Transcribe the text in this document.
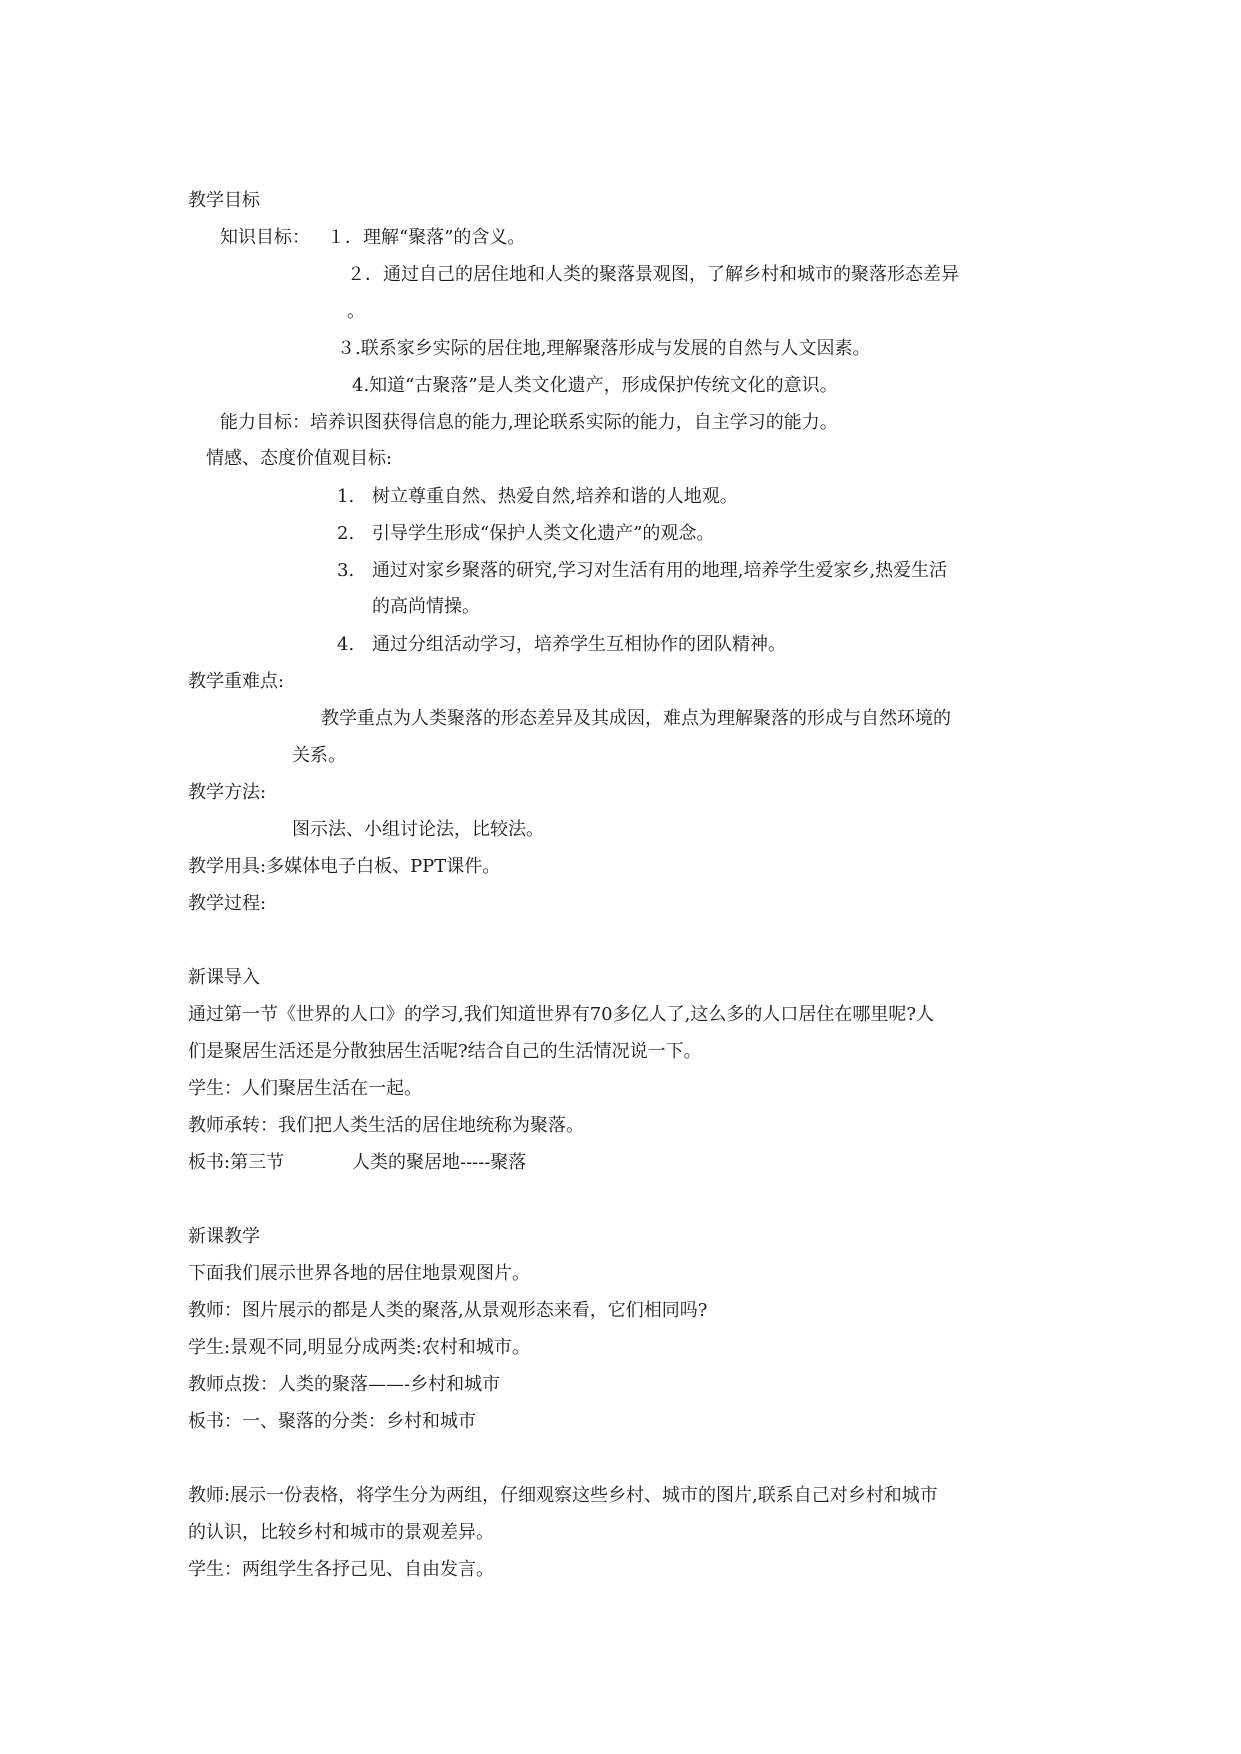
教学目标
知识目标： １．理解“聚落”的含义。
２．通过自己的居住地和人类的聚落景观图，了解乡村和城市的聚落形态差异
。
３.联系家乡实际的居住地,理解聚落形成与发展的自然与人文因素。
4.知道“古聚落”是人类文化遗产，形成保护传统文化的意识。
能力目标：培养识图获得信息的能力,理论联系实际的能力，自主学习的能力。
情感、态度价值观目标:
1. 树立尊重自然、热爱自然,培养和谐的人地观。
2. 引导学生形成“保护人类文化遗产”的观念。
3. 通过对家乡聚落的研究,学习对生活有用的地理,培养学生爱家乡,热爱生活
的高尚情操。
4. 通过分组活动学习，培养学生互相协作的团队精神。
教学重难点:
教学重点为人类聚落的形态差异及其成因，难点为理解聚落的形成与自然环境的
关系。
教学方法:
图示法、小组讨论法，比较法。
教学用具:多媒体电子白板、PPT课件。
教学过程:
新课导入
通过第一节《世界的人口》的学习,我们知道世界有70多亿人了,这么多的人口居住在哪里呢?人
们是聚居生活还是分散独居生活呢?结合自己的生活情况说一下。
学生：人们聚居生活在一起。
教师承转：我们把人类生活的居住地统称为聚落。
板书:第三节	人类的聚居地-----聚落
新课教学
下面我们展示世界各地的居住地景观图片。
教师：图片展示的都是人类的聚落,从景观形态来看，它们相同吗?
学生:景观不同,明显分成两类:农村和城市。
教师点拨：人类的聚落——-乡村和城市
板书：一、聚落的分类：乡村和城市
教师:展示一份表格，将学生分为两组，仔细观察这些乡村、城市的图片,联系自己对乡村和城市
的认识，比较乡村和城市的景观差异。
学生：两组学生各抒己见、自由发言。
